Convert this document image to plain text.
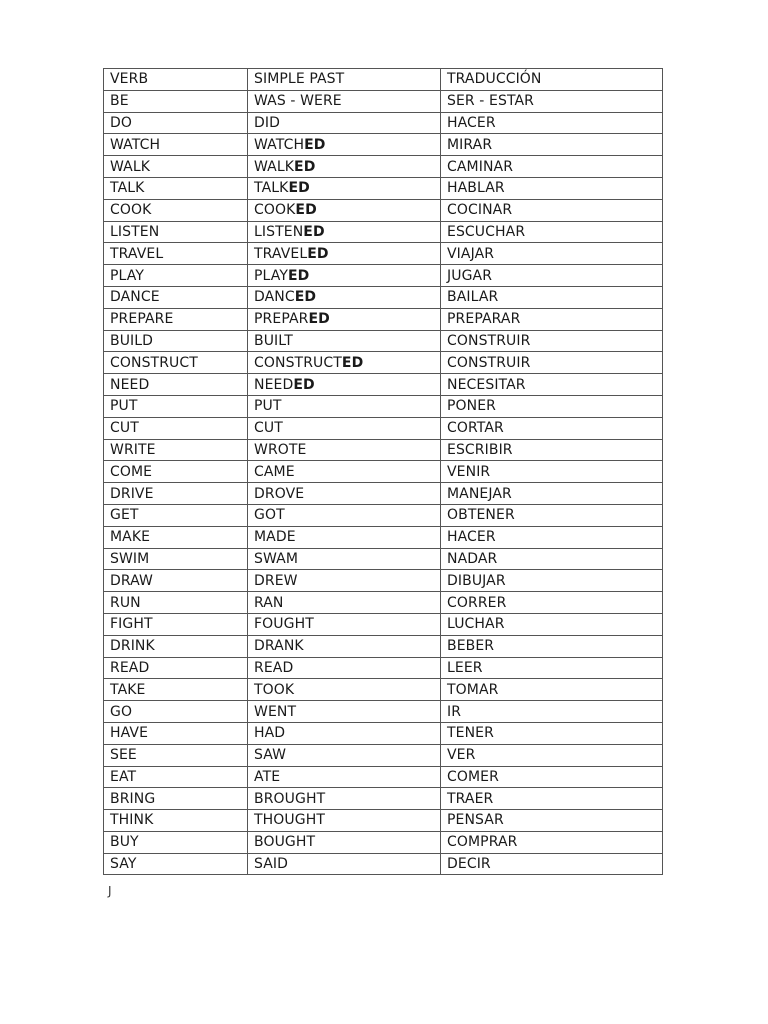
VERB	SIMPLE PAST	TRADUCCIÓN
BE	WAS - WERE	SER - ESTAR
DO	DID	HACER
WATCH	WATCHED	MIRAR
WALK	WALKED	CAMINAR
TALK	TALKED	HABLAR
COOK	COOKED	COCINAR
LISTEN	LISTENED	ESCUCHAR
TRAVEL	TRAVELED	VIAJAR
PLAY	PLAYED	JUGAR
DANCE	DANCED	BAILAR
PREPARE	PREPARED	PREPARAR
BUILD	BUILT	CONSTRUIR
CONSTRUCT	CONSTRUCTED	CONSTRUIR
NEED	NEEDED	NECESITAR
PUT	PUT	PONER
CUT	CUT	CORTAR
WRITE	WROTE	ESCRIBIR
COME	CAME	VENIR
DRIVE	DROVE	MANEJAR
GET	GOT	OBTENER
MAKE	MADE	HACER
SWIM	SWAM	NADAR
DRAW	DREW	DIBUJAR
RUN	RAN	CORRER
FIGHT	FOUGHT	LUCHAR
DRINK	DRANK	BEBER
READ	READ	LEER
TAKE	TOOK	TOMAR
GO	WENT	IR
HAVE	HAD	TENER
SEE	SAW	VER
EAT	ATE	COMER
BRING	BROUGHT	TRAER
THINK	THOUGHT	PENSAR
BUY	BOUGHT	COMPRAR
SAY	SAID	DECIR
J
